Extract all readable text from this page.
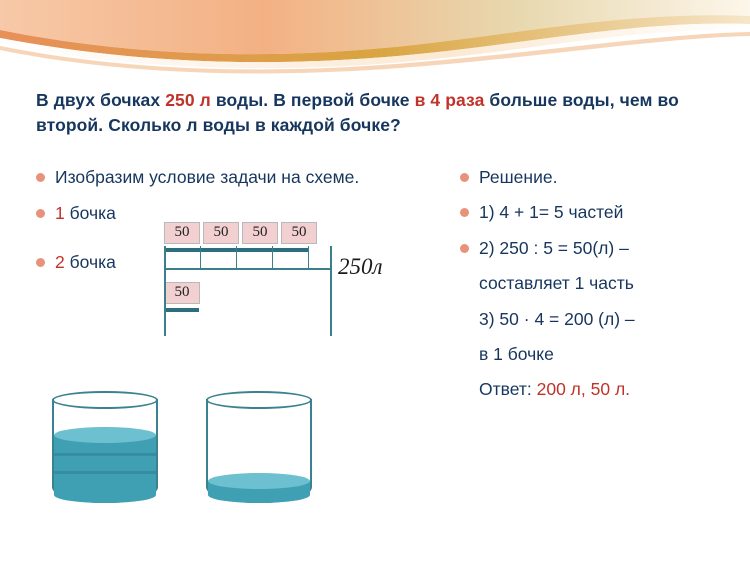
В двух бочках 250 л воды. В первой бочке в 4 раза больше воды, чем во второй. Сколько л воды в каждой бочке?
Изобразим условие задачи на схеме.
1 бочка
2 бочка
50	50	50	50
50
250л
Решение.
1) 4 + 1= 5 частей
2) 250 : 5 = 50(л) –
составляет 1 часть
3) 50 · 4 = 200 (л) –
в 1 бочке
Ответ: 200 л, 50 л.
